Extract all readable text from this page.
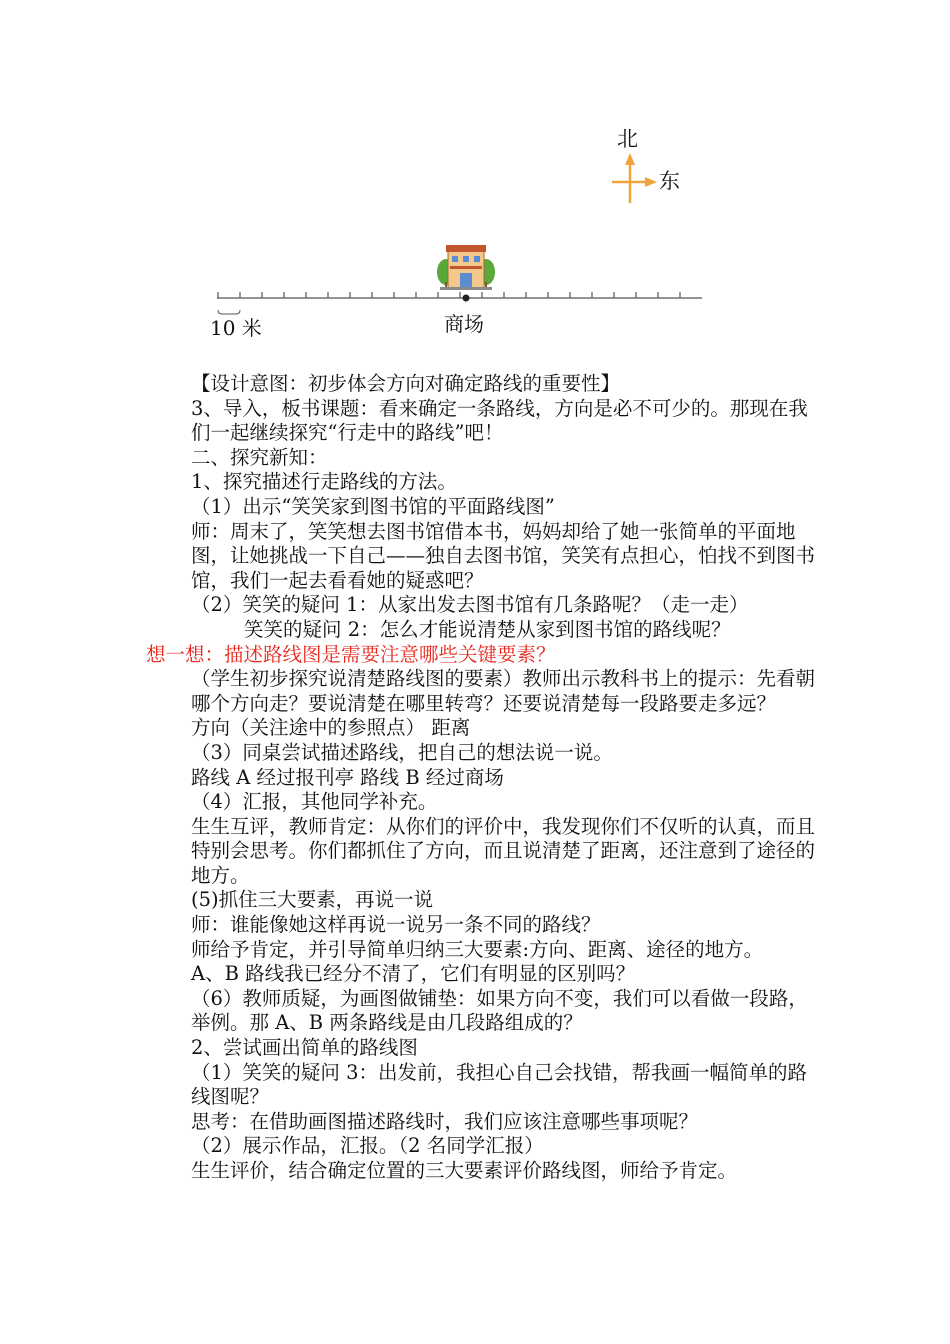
北
东
10 米	商场
【设计意图：初步体会方向对确定路线的重要性】
3、导入，板书课题：看来确定一条路线，方向是必不可少的。那现在我们一起继续探究“行走中的路线”吧！
二、探究新知：
1、探究描述行走路线的方法。
（1）出示“笑笑家到图书馆的平面路线图”
师：周末了，笑笑想去图书馆借本书，妈妈却给了她一张简单的平面地图，让她挑战一下自己——独自去图书馆，笑笑有点担心，怕找不到图书馆，我们一起去看看她的疑惑吧？
（2）笑笑的疑问 1：从家出发去图书馆有几条路呢？（走一走）
笑笑的疑问 2：怎么才能说清楚从家到图书馆的路线呢？
想一想：描述路线图是需要注意哪些关键要素？
（学生初步探究说清楚路线图的要素）教师出示教科书上的提示：先看朝哪个方向走？要说清楚在哪里转弯？还要说清楚每一段路要走多远？
方向（关注途中的参照点） 距离
（3）同桌尝试描述路线，把自己的想法说一说。
路线 A 经过报刊亭 路线 B 经过商场
（4）汇报，其他同学补充。
生生互评，教师肯定：从你们的评价中，我发现你们不仅听的认真，而且特别会思考。你们都抓住了方向，而且说清楚了距离，还注意到了途径的地方。
(5)抓住三大要素，再说一说
师：谁能像她这样再说一说另一条不同的路线？
师给予肯定，并引导简单归纳三大要素:方向、距离、途径的地方。
A、B 路线我已经分不清了，它们有明显的区别吗？
（6）教师质疑，为画图做铺垫：如果方向不变，我们可以看做一段路，举例。那 A、B 两条路线是由几段路组成的？
2、尝试画出简单的路线图
（1）笑笑的疑问 3：出发前，我担心自己会找错，帮我画一幅简单的路线图呢？
思考：在借助画图描述路线时，我们应该注意哪些事项呢？
（2）展示作品，汇报。（2 名同学汇报）
生生评价，结合确定位置的三大要素评价路线图，师给予肯定。
